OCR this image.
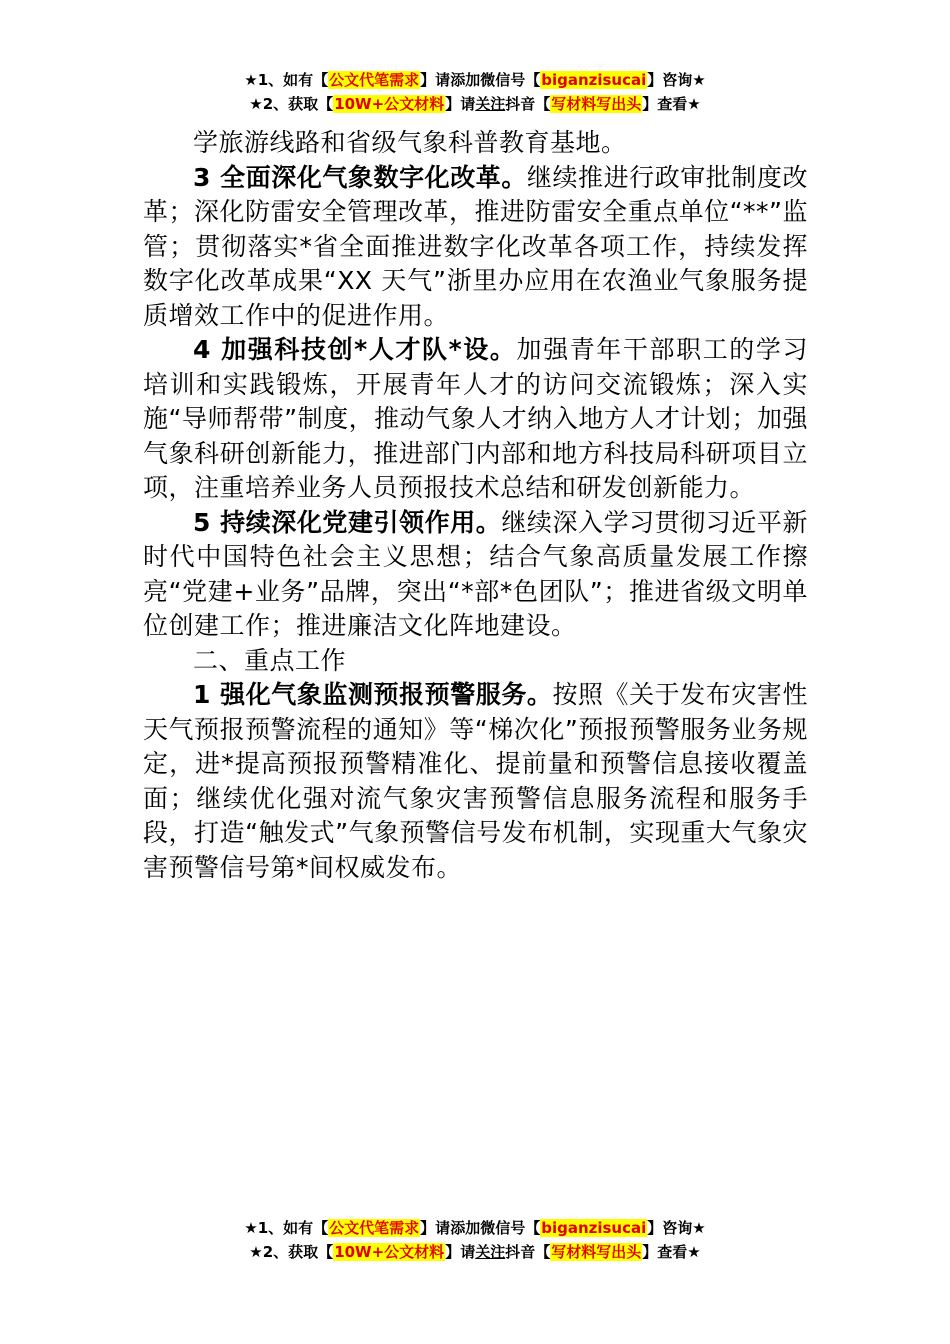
★1、如有【公文代笔需求】请添加微信号【biganzisucai】咨询★
★2、获取【10W+公文材料】请关注抖音【写材料写出头】查看★

学旅游线路和省级气象科普教育基地。

3 全面深化气象数字化改革。继续推进行政审批制度改革；深化防雷安全管理改革，推进防雷安全重点单位“**”监管；贯彻落实*省全面推进数字化改革各项工作，持续发挥数字化改革成果“XX 天气”浙里办应用在农渔业气象服务提质增效工作中的促进作用。

4 加强科技创*人才队*设。加强青年干部职工的学习培训和实践锻炼，开展青年人才的访问交流锻炼；深入实施“导师帮带”制度，推动气象人才纳入地方人才计划；加强气象科研创新能力，推进部门内部和地方科技局科研项目立项，注重培养业务人员预报技术总结和研发创新能力。

5 持续深化党建引领作用。继续深入学习贯彻习近平新时代中国特色社会主义思想；结合气象高质量发展工作擦亮“党建+业务”品牌，突出“*部*色团队”；推进省级文明单位创建工作；推进廉洁文化阵地建设。

二、重点工作

1 强化气象监测预报预警服务。按照《关于发布灾害性天气预报预警流程的通知》等“梯次化”预报预警服务业务规定，进*提高预报预警精准化、提前量和预警信息接收覆盖面；继续优化强对流气象灾害预警信息服务流程和服务手段，打造“触发式”气象预警信号发布机制，实现重大气象灾害预警信号第*间权威发布。

★1、如有【公文代笔需求】请添加微信号【biganzisucai】咨询★
★2、获取【10W+公文材料】请关注抖音【写材料写出头】查看★
